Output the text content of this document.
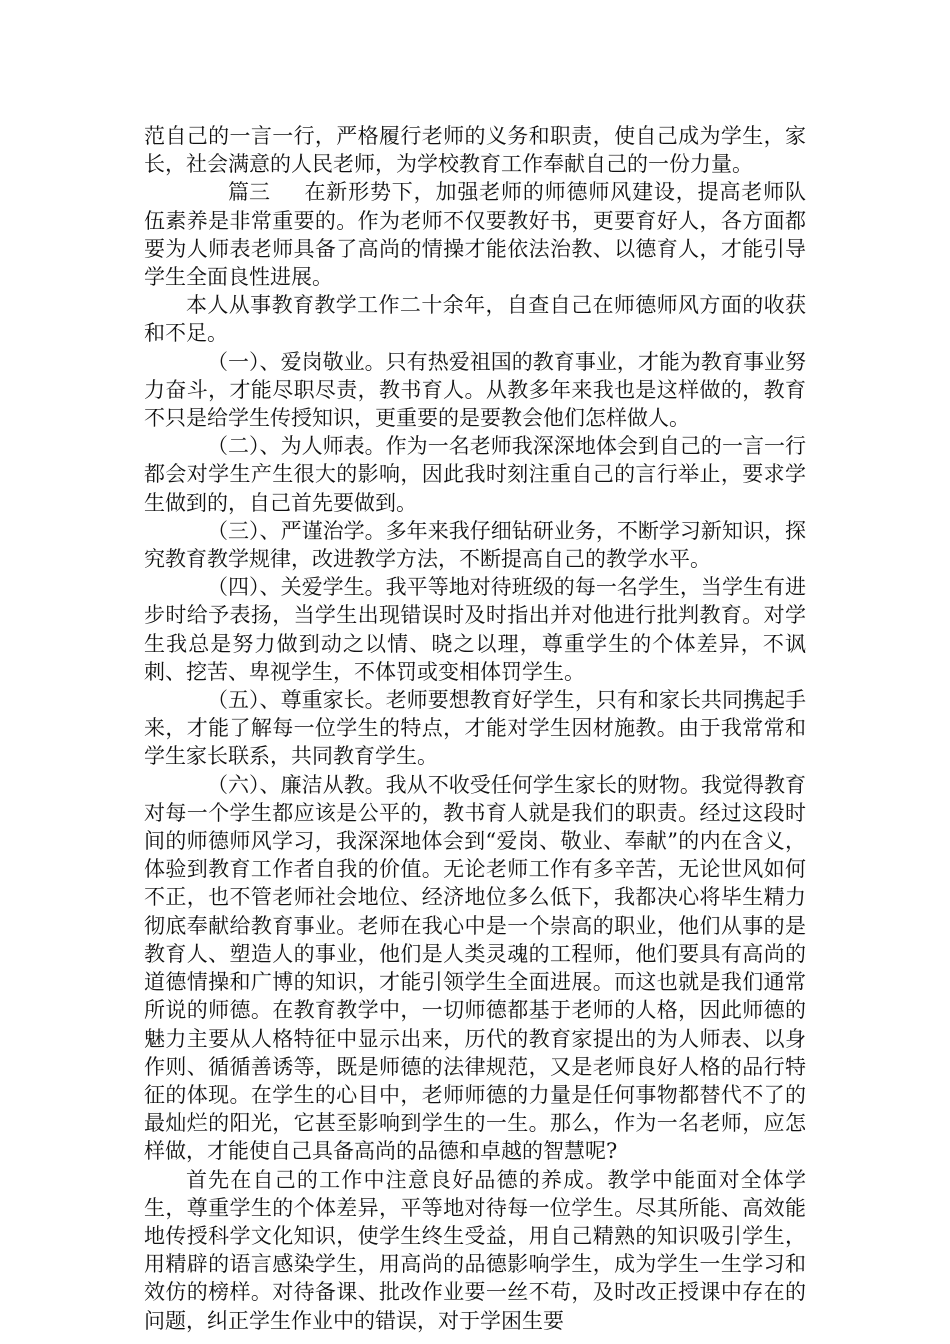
范自己的一言一行，严格履行老师的义务和职责，使自己成为学生，家长，社会满意的人民老师，为学校教育工作奉献自己的一份力量。

篇三 在新形势下，加强老师的师德师风建设，提高老师队伍素养是非常重要的。作为老师不仅要教好书，更要育好人，各方面都要为人师表老师具备了高尚的情操才能依法治教、以德育人，才能引导学生全面良性进展。

本人从事教育教学工作二十余年，自查自己在师德师风方面的收获和不足。

（一）、爱岗敬业。只有热爱祖国的教育事业，才能为教育事业努力奋斗，才能尽职尽责，教书育人。从教多年来我也是这样做的，教育不只是给学生传授知识，更重要的是要教会他们怎样做人。

（二）、为人师表。作为一名老师我深深地体会到自己的一言一行都会对学生产生很大的影响，因此我时刻注重自己的言行举止，要求学生做到的，自己首先要做到。

（三）、严谨治学。多年来我仔细钻研业务，不断学习新知识，探究教育教学规律，改进教学方法，不断提高自己的教学水平。

（四）、关爱学生。我平等地对待班级的每一名学生，当学生有进步时给予表扬，当学生出现错误时及时指出并对他进行批判教育。对学生我总是努力做到动之以情、晓之以理，尊重学生的个体差异，不讽刺、挖苦、卑视学生，不体罚或变相体罚学生。

（五）、尊重家长。老师要想教育好学生，只有和家长共同携起手来，才能了解每一位学生的特点，才能对学生因材施教。由于我常常和学生家长联系，共同教育学生。

（六）、廉洁从教。我从不收受任何学生家长的财物。我觉得教育对每一个学生都应该是公平的，教书育人就是我们的职责。经过这段时间的师德师风学习，我深深地体会到“爱岗、敬业、奉献”的内在含义，体验到教育工作者自我的价值。无论老师工作有多辛苦，无论世风如何不正，也不管老师社会地位、经济地位多么低下，我都决心将毕生精力彻底奉献给教育事业。老师在我心中是一个崇高的职业，他们从事的是教育人、塑造人的事业，他们是人类灵魂的工程师，他们要具有高尚的道德情操和广博的知识，才能引领学生全面进展。而这也就是我们通常所说的师德。在教育教学中，一切师德都基于老师的人格，因此师德的魅力主要从人格特征中显示出来，历代的教育家提出的为人师表、以身作则、循循善诱等，既是师德的法律规范，又是老师良好人格的品行特征的体现。在学生的心目中，老师师德的力量是任何事物都替代不了的最灿烂的阳光，它甚至影响到学生的一生。那么，作为一名老师，应怎样做，才能使自己具备高尚的品德和卓越的智慧呢?

首先在自己的工作中注意良好品德的养成。教学中能面对全体学生，尊重学生的个体差异，平等地对待每一位学生。尽其所能、高效能地传授科学文化知识，使学生终生受益，用自己精熟的知识吸引学生，用精辟的语言感染学生，用高尚的品德影响学生，成为学生一生学习和效仿的榜样。对待备课、批改作业要一丝不苟，及时改正授课中存在的问题，纠正学生作业中的错误，对于学困生要
